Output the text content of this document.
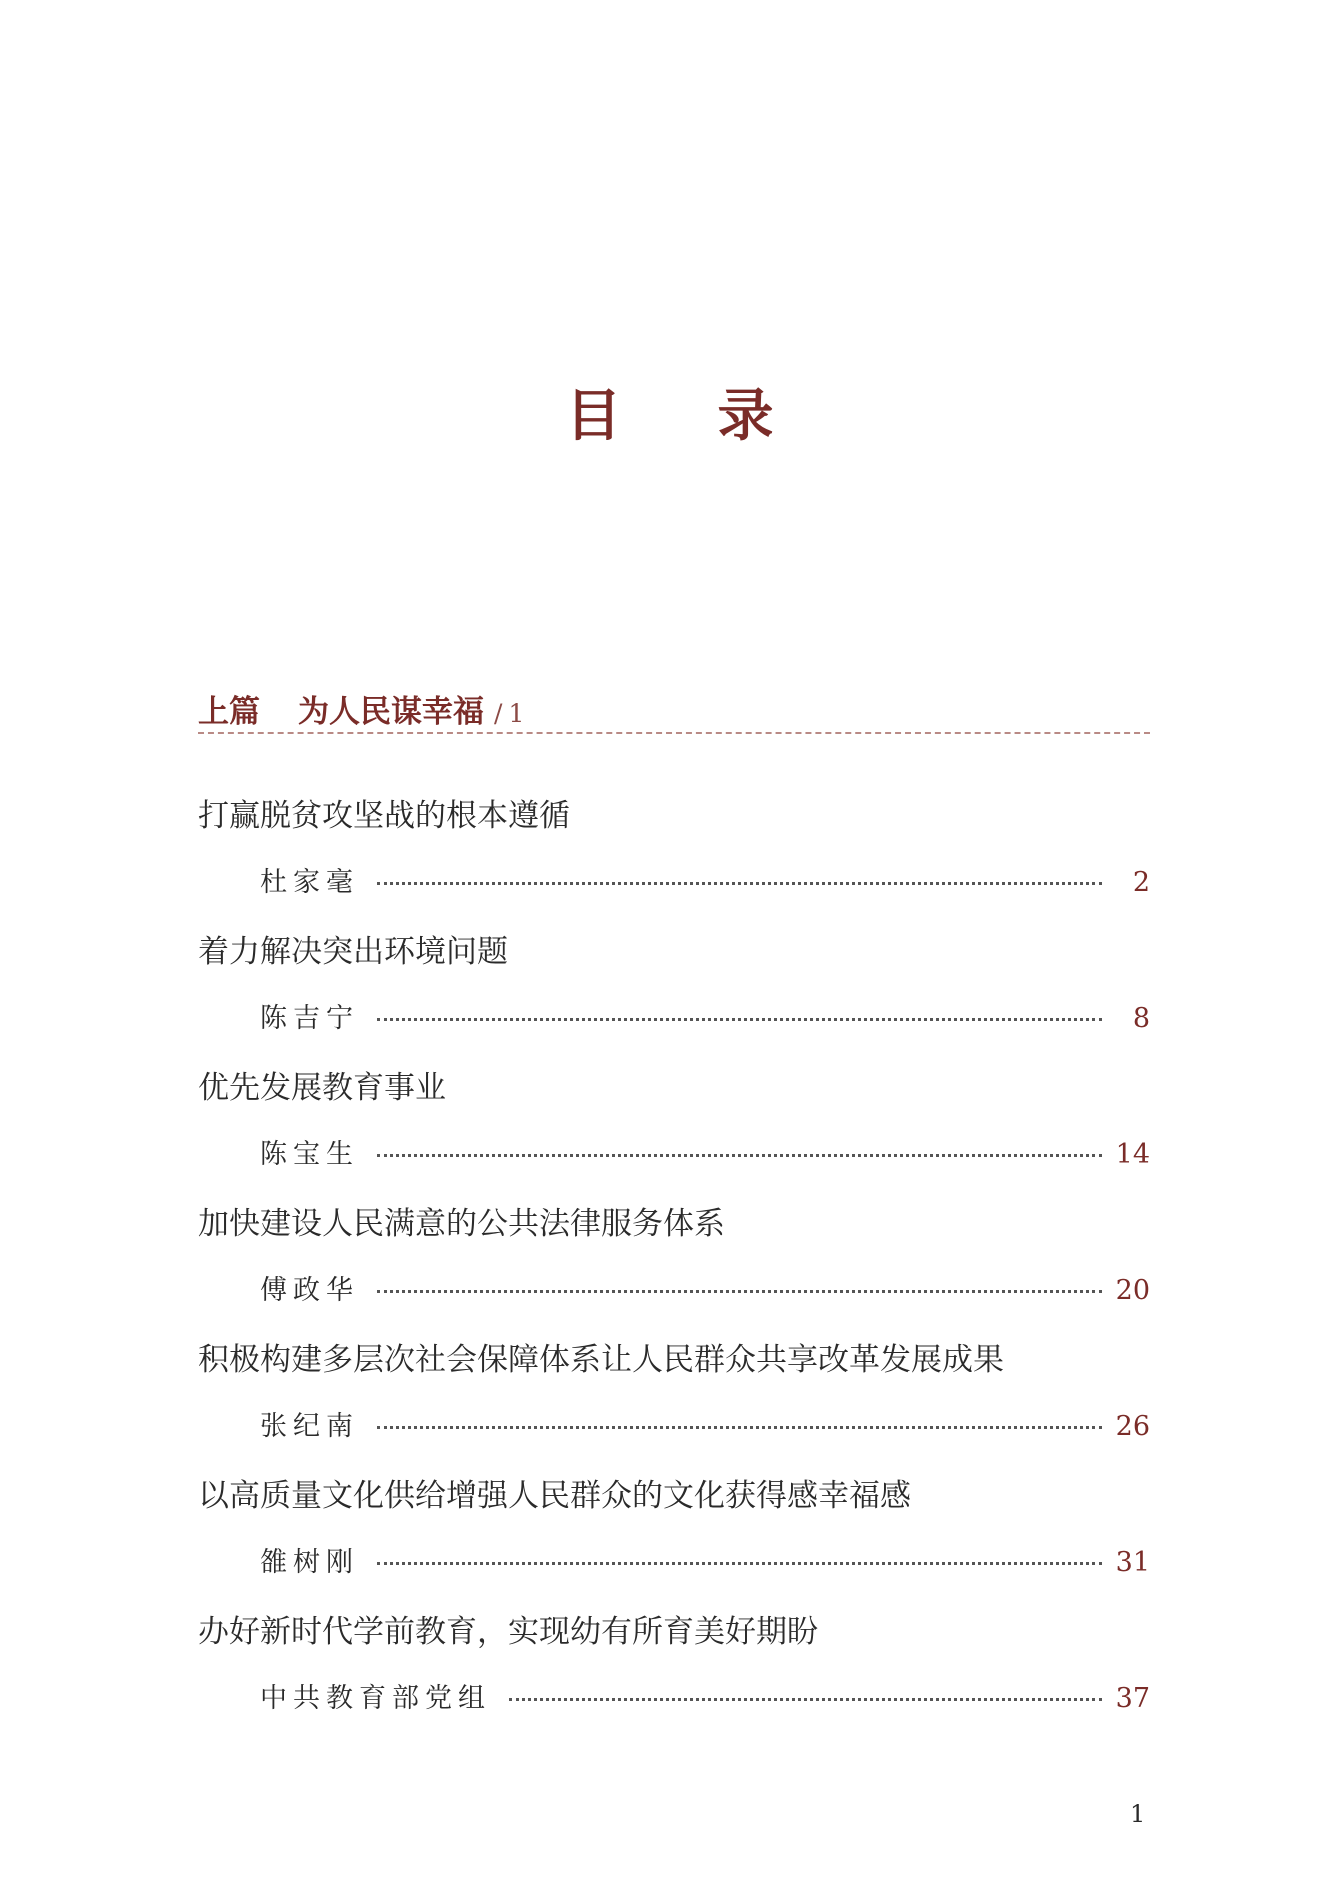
目录
上篇 为人民谋幸福 / 1
打赢脱贫攻坚战的根本遵循
杜家毫	2
着力解决突出环境问题
陈吉宁	8
优先发展教育事业
陈宝生	14
加快建设人民满意的公共法律服务体系
傅政华	20
积极构建多层次社会保障体系让人民群众共享改革发展成果
张纪南	26
以高质量文化供给增强人民群众的文化获得感幸福感
雒树刚	31
办好新时代学前教育，实现幼有所育美好期盼
中共教育部党组	37
1
